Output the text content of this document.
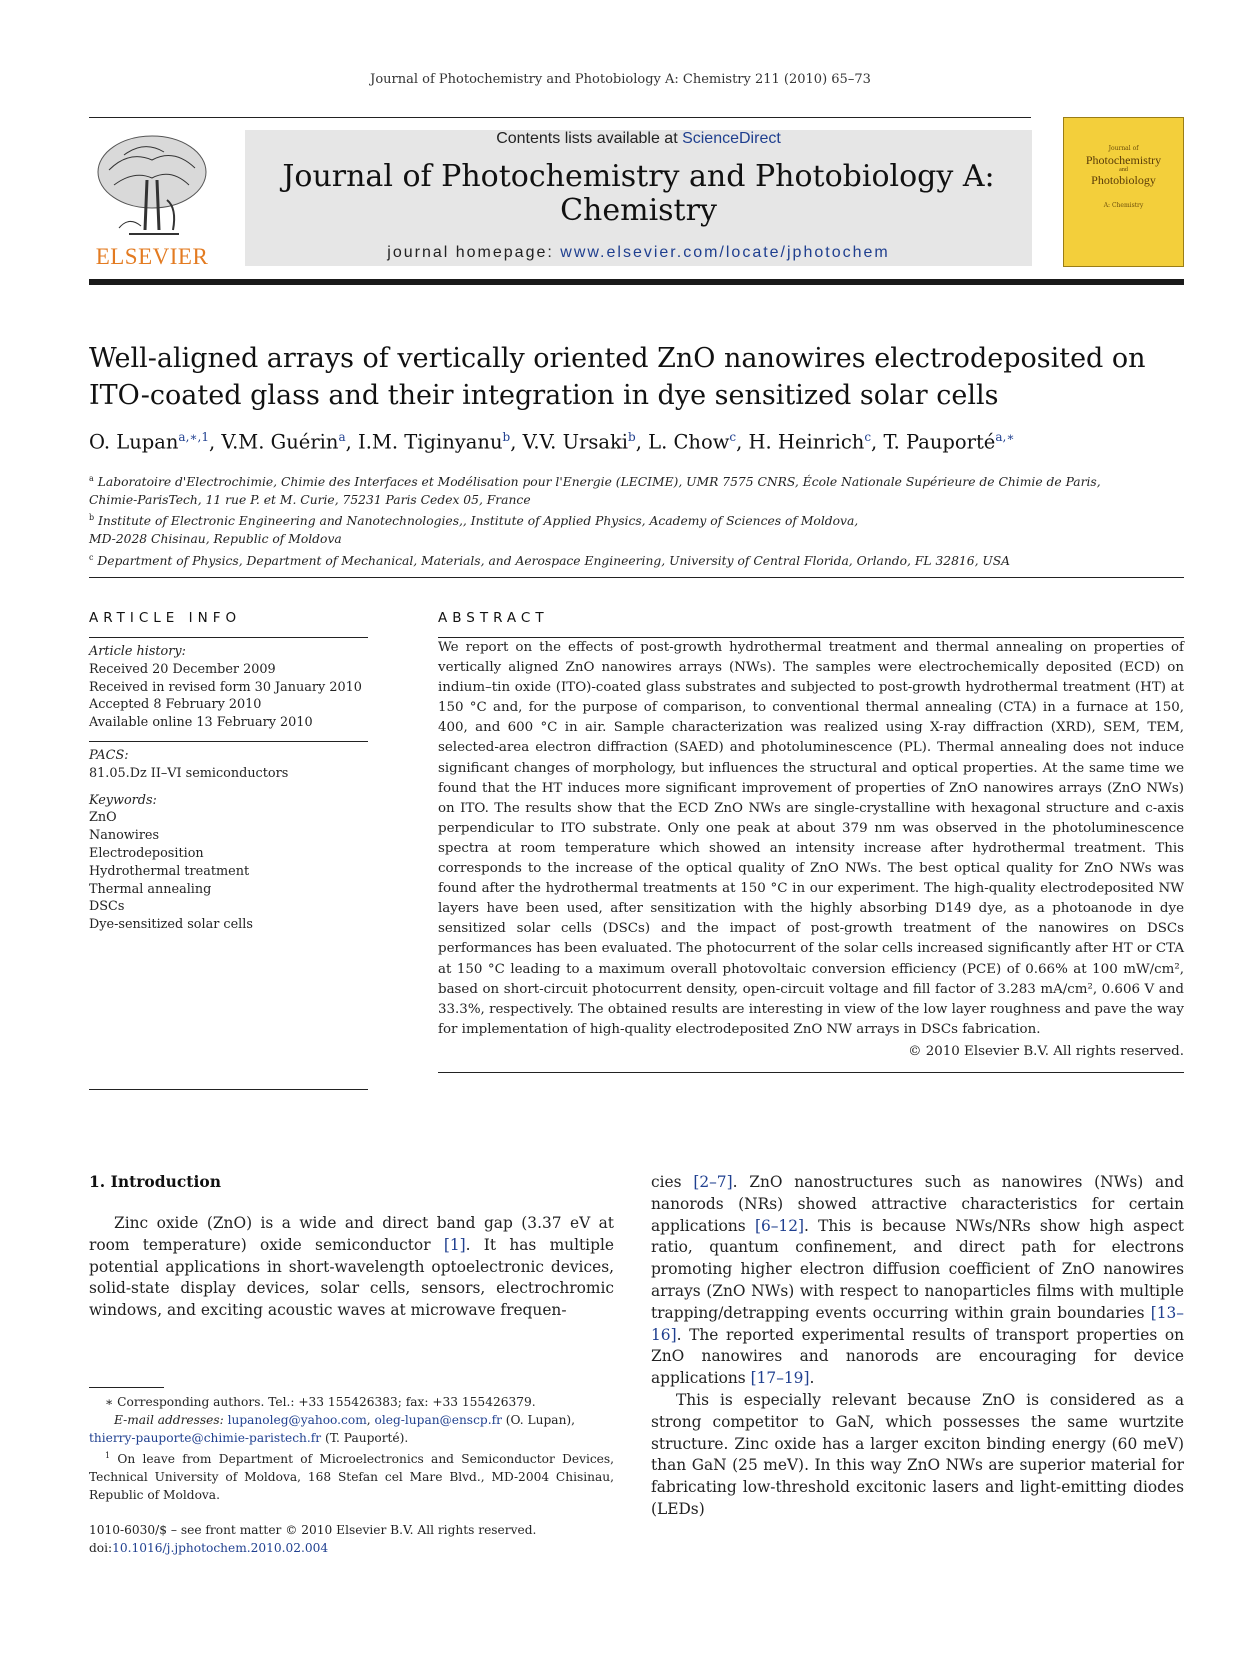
Journal of Photochemistry and Photobiology A: Chemistry 211 (2010) 65–73
ELSEVIER
Contents lists available at ScienceDirect
Journal of Photochemistry and Photobiology A:
Chemistry
journal homepage: www.elsevier.com/locate/jphotochem
Journal of
Photochemistry
and
Photobiology
A: Chemistry
Well-aligned arrays of vertically oriented ZnO nanowires electrodeposited on ITO-coated glass and their integration in dye sensitized solar cells
O. Lupan$^{a,∗,1}$, V.M. Guérin$^a$, I.M. Tiginyanu$^b$, V.V. Ursaki$^b$, L. Chow$^c$, H. Heinrich$^c$, T. Pauporté$^{a,∗}$
$^a$ Laboratoire d'Electrochimie, Chimie des Interfaces et Modélisation pour l'Energie (LECIME), UMR 7575 CNRS, École Nationale Supérieure de Chimie de Paris,
Chimie-ParisTech, 11 rue P. et M. Curie, 75231 Paris Cedex 05, France
$^b$ Institute of Electronic Engineering and Nanotechnologies,, Institute of Applied Physics, Academy of Sciences of Moldova,
MD-2028 Chisinau, Republic of Moldova
$^c$ Department of Physics, Department of Mechanical, Materials, and Aerospace Engineering, University of Central Florida, Orlando, FL 32816, USA
ARTICLE INFO
Article history:
Received 20 December 2009
Received in revised form 30 January 2010
Accepted 8 February 2010
Available online 13 February 2010
PACS:
81.05.Dz II–VI semiconductors
Keywords:
ZnO
Nanowires
Electrodeposition
Hydrothermal treatment
Thermal annealing
DSCs
Dye-sensitized solar cells
ABSTRACT

We report on the effects of post-growth hydrothermal treatment and thermal annealing on properties of vertically aligned ZnO nanowires arrays (NWs). The samples were electrochemically deposited (ECD) on indium–tin oxide (ITO)-coated glass substrates and subjected to post-growth hydrothermal treatment (HT) at 150 °C and, for the purpose of comparison, to conventional thermal annealing (CTA) in a furnace at 150, 400, and 600 °C in air. Sample characterization was realized using X-ray diffraction (XRD), SEM, TEM, selected-area electron diffraction (SAED) and photoluminescence (PL). Thermal annealing does not induce significant changes of morphology, but influences the structural and optical properties. At the same time we found that the HT induces more significant improvement of properties of ZnO nanowires arrays (ZnO NWs) on ITO. The results show that the ECD ZnO NWs are single-crystalline with hexagonal structure and c-axis perpendicular to ITO substrate. Only one peak at about 379 nm was observed in the photoluminescence spectra at room temperature which showed an intensity increase after hydrothermal treatment. This corresponds to the increase of the optical quality of ZnO NWs. The best optical quality for ZnO NWs was found after the hydrothermal treatments at 150 °C in our experiment. The high-quality electrodeposited NW layers have been used, after sensitization with the highly absorbing D149 dye, as a photoanode in dye sensitized solar cells (DSCs) and the impact of post-growth treatment of the nanowires on DSCs performances has been evaluated. The photocurrent of the solar cells increased significantly after HT or CTA at 150 °C leading to a maximum overall photovoltaic conversion efficiency (PCE) of 0.66% at 100 mW/cm², based on short-circuit photocurrent density, open-circuit voltage and fill factor of 3.283 mA/cm², 0.606 V and 33.3%, respectively. The obtained results are interesting in view of the low layer roughness and pave the way for implementation of high-quality electrodeposited ZnO NW arrays in DSCs fabrication.

© 2010 Elsevier B.V. All rights reserved.
1. Introduction

Zinc oxide (ZnO) is a wide and direct band gap (3.37 eV at room temperature) oxide semiconductor [1]. It has multiple potential applications in short-wavelength optoelectronic devices, solid-state display devices, solar cells, sensors, electrochromic windows, and exciting acoustic waves at microwave frequen-

cies [2–7]. ZnO nanostructures such as nanowires (NWs) and nanorods (NRs) showed attractive characteristics for certain applications [6–12]. This is because NWs/NRs show high aspect ratio, quantum confinement, and direct path for electrons promoting higher electron diffusion coefficient of ZnO nanowires arrays (ZnO NWs) with respect to nanoparticles films with multiple trapping/detrapping events occurring within grain boundaries [13–16]. The reported experimental results of transport properties on ZnO nanowires and nanorods are encouraging for device applications [17–19].

This is especially relevant because ZnO is considered as a strong competitor to GaN, which possesses the same wurtzite structure. Zinc oxide has a larger exciton binding energy (60 meV) than GaN (25 meV). In this way ZnO NWs are superior material for fabricating low-threshold excitonic lasers and light-emitting diodes (LEDs)

∗ Corresponding authors. Tel.: +33 155426383; fax: +33 155426379.
E-mail addresses: lupanoleg@yahoo.com, oleg-lupan@enscp.fr (O. Lupan),
thierry-pauporte@chimie-paristech.fr (T. Pauporté).
$^1$ On leave from Department of Microelectronics and Semiconductor Devices, Technical University of Moldova, 168 Stefan cel Mare Blvd., MD-2004 Chisinau, Republic of Moldova.
1010-6030/$ – see front matter © 2010 Elsevier B.V. All rights reserved.
doi:10.1016/j.jphotochem.2010.02.004
